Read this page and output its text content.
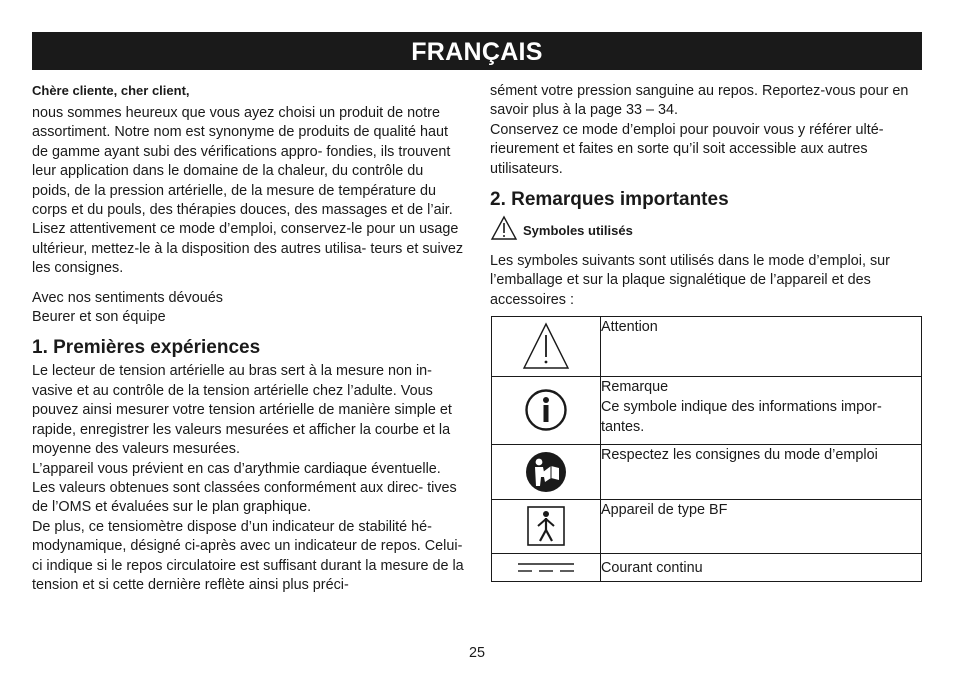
FRANÇAIS

Chère cliente, cher client,

nous sommes heureux que vous ayez choisi un produit de notre assortiment. Notre nom est synonyme de produits de qualité haut de gamme ayant subi des vérifications appro- fondies, ils trouvent leur application dans le domaine de la chaleur, du contrôle du poids, de la pression artérielle, de la mesure de température du corps et du pouls, des thérapies douces, des massages et de l’air.

Lisez attentivement ce mode d’emploi, conservez-le pour un usage ultérieur, mettez-le à la disposition des autres utilisa- teurs et suivez les consignes.

Avec nos sentiments dévoués

Beurer et son équipe

1. Premières expériences

Le lecteur de tension artérielle au bras sert à la mesure non in- vasive et au contrôle de la tension artérielle chez l’adulte. Vous pouvez ainsi mesurer votre tension artérielle de manière simple et rapide, enregistrer les valeurs mesurées et afficher la courbe et la moyenne des valeurs mesurées.

L’appareil vous prévient en cas d’arythmie cardiaque éventuelle. Les valeurs obtenues sont classées conformément aux direc- tives de l’OMS et évaluées sur le plan graphique.

De plus, ce tensiomètre dispose d’un indicateur de stabilité hé- modynamique, désigné ci-après avec un indicateur de repos. Celui-ci indique si le repos circulatoire est suffisant durant la mesure de la tension et si cette dernière reflète ainsi plus préci-

sément votre pression sanguine au repos. Reportez-vous pour en savoir plus à la page 33 – 34.

Conservez ce mode d’emploi pour pouvoir vous y référer ulté- rieurement et faites en sorte qu’il soit accessible aux autres utilisateurs.

2. Remarques importantes
Symboles utilisés

Les symboles suivants sont utilisés dans le mode d’emploi, sur l’emballage et sur la plaque signalétique de l’appareil et des accessoires :

Attention

Remarque
Ce symbole indique des informations impor- tantes.

Respectez les consignes du mode d’emploi

Appareil de type BF

Courant continu
25
